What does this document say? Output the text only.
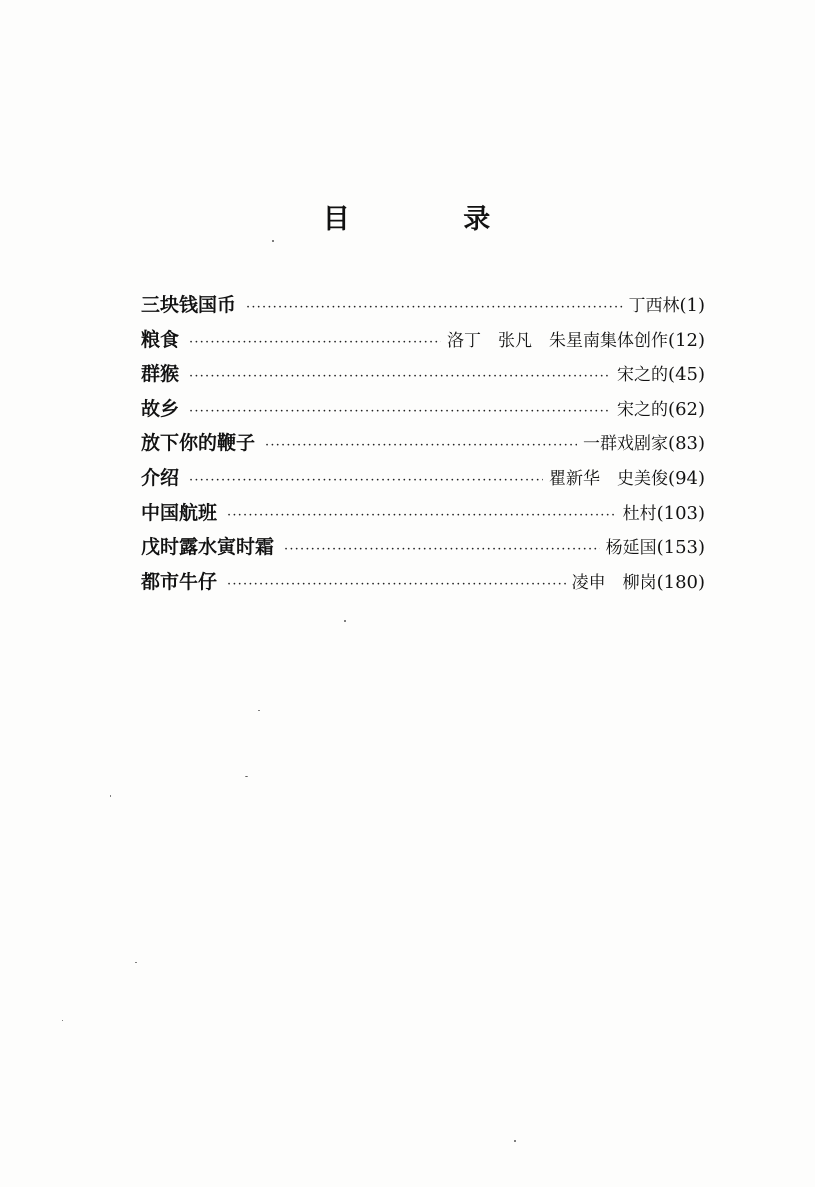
目 录
三块钱国币 ·····	丁西林 (1)
粮食 ·····	洛丁　张凡　朱星南集体创作 (12)
群猴 ·····	宋之的 (45)
故乡 ·····	宋之的 (62)
放下你的鞭子 ·····	一群戏剧家 (83)
介绍 ·····	瞿新华　史美俊 (94)
中国航班 ·····	杜村 (103)
戊时露水寅时霜 ·····	杨延国 (153)
都市牛仔 ·····	凌申　柳岗 (180)
